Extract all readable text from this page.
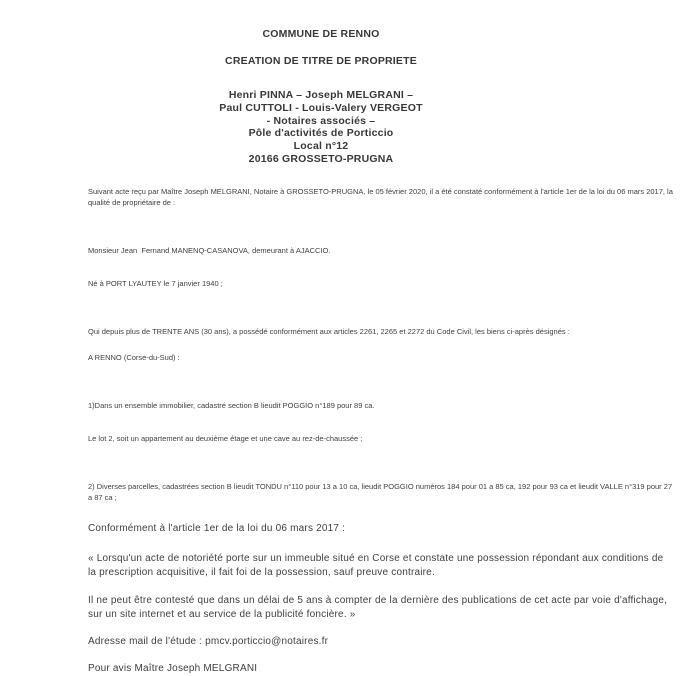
COMMUNE DE RENNO
CREATION DE TITRE DE PROPRIETE
Henri PINNA – Joseph MELGRANI –
Paul CUTTOLI - Louis-Valery VERGEOT
- Notaires associés –
Pôle d'activités de Porticcio
Local n°12
20166 GROSSETO-PRUGNA

Suivant acte reçu par Maître Joseph MELGRANI, Notaire à GROSSETO-PRUGNA, le 05 février 2020, il a été constaté conformément à l'article 1er de la loi du 06 mars 2017, la qualité de propriétaire de :

Monsieur Jean  Fernand MANENQ-CASANOVA, demeurant à AJACCIO.

Né à PORT LYAUTEY le 7 janvier 1940 ;

Qui depuis plus de TRENTE ANS (30 ans), a possédé conformément aux articles 2261, 2265 et 2272 du Code Civil, les biens ci-après désignés :

A RENNO (Corse-du-Sud) :

1)Dans un ensemble immobilier, cadastré section B lieudit POGGIO n°189 pour 89 ca.

Le lot 2, soit un appartement au deuxième étage et une cave au rez-de-chaussée ;

2) Diverses parcelles, cadastrées section B lieudit TONDU n°110 pour 13 a 10 ca, lieudit POGGIO numéros 184 pour 01 a 85 ca, 192 pour 93 ca et lieudit VALLE n°319 pour 27 a 87 ca ;

Conformément à l'article 1er de la loi du 06 mars 2017 :

« Lorsqu'un acte de notoriété porte sur un immeuble situé en Corse et constate une possession répondant aux conditions de la prescription acquisitive, il fait foi de la possession, sauf preuve contraire.

Il ne peut être contesté que dans un délai de 5 ans à compter de la dernière des publications de cet acte par voie d'affichage, sur un site internet et au service de la publicité foncière. »

Adresse mail de l'étude : pmcv.porticcio@notaires.fr

Pour avis Maître Joseph MELGRANI
